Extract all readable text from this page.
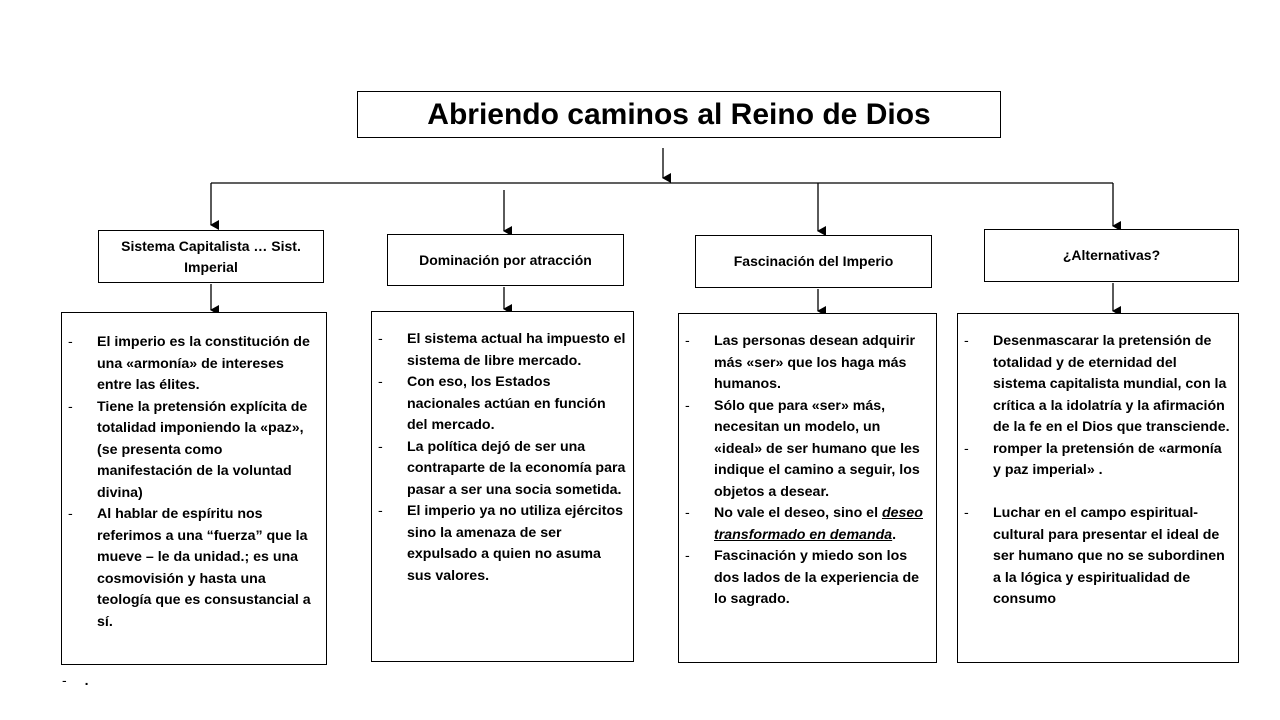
Abriendo caminos al Reino de Dios
Sistema Capitalista … Sist. Imperial	Dominación por atracción	Fascinación del Imperio	¿Alternativas?
- El imperio es la constitución de una «armonía» de intereses entre las élites.
- Tiene la pretensión explícita de totalidad imponiendo la «paz», (se presenta como manifestación de la voluntad divina)
- Al hablar de espíritu nos referimos a una “fuerza” que la mueve – le da unidad.; es una cosmovisión y hasta una teología que es consustancial a sí.
- .
- El sistema actual ha impuesto el sistema de libre mercado.
- Con eso, los Estados nacionales actúan en función del mercado.
- La política dejó de ser una contraparte de la economía para pasar a ser una socia sometida.
- El imperio ya no utiliza ejércitos sino la amenaza de ser expulsado a quien no asuma sus valores.
- Las personas desean adquirir más «ser» que los haga más humanos.
- Sólo que para «ser» más, necesitan un modelo, un «ideal» de ser humano que les indique el camino a seguir, los objetos a desear.
- No vale el deseo, sino el deseo transformado en demanda.
- Fascinación y miedo son los dos lados de la experiencia de lo sagrado.
- Desenmascarar la pretensión de totalidad y de eternidad del sistema capitalista mundial, con la crítica a la idolatría y la afirmación de la fe en el Dios que transciende.
- romper la pretensión de «armonía y paz imperial» .
- Luchar en el campo espiritual-cultural para presentar el ideal de ser humano que no se subordinen a la lógica y espiritualidad de consumo
